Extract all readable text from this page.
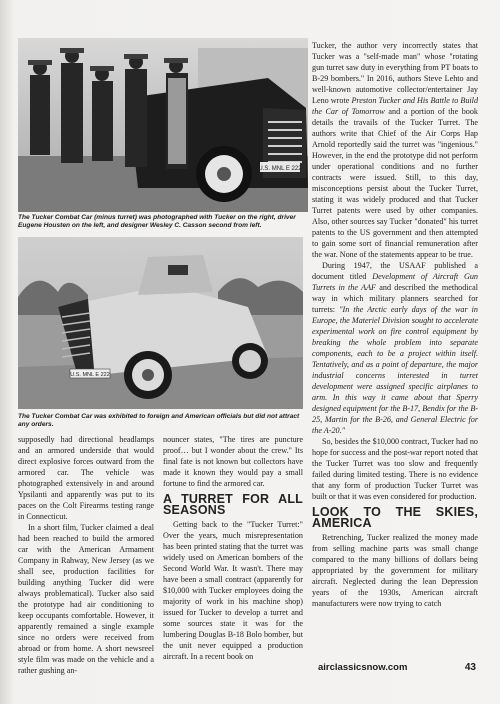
U.S. MNL E 222
The Tucker Combat Car (minus turret) was photographed with Tucker on the right, driver Eugene Housten on the left, and designer Wesley C. Casson second from left.
U.S. MNL E 222
The Tucker Combat Car was exhibited to foreign and American officials but did not attract any orders.

supposedly had directional headlamps and an armored underside that would direct explosive forces outward from the armored car. The vehicle was photographed extensively in and around Ypsilanti and apparently was put to its paces on the Colt Firearms testing range in Connecticut.

In a short film, Tucker claimed a deal had been reached to build the armored car with the American Armament Company in Rahway, New Jersey (as we shall see, production facilities for building anything Tucker did were always problematical). Tucker also said the prototype had air conditioning to keep occupants comfortable. However, it apparently remained a single example since no orders were received from abroad or from home. A short newsreel style film was made on the vehicle and a rather gushing an-

nouncer states, "The tires are puncture proof… but I wonder about the crew." Its final fate is not known but collectors have made it known they would pay a small fortune to find the armored car.

A TURRET FOR ALL SEASONS

Getting back to the "Tucker Turret:" Over the years, much misrepresentation has been printed stating that the turret was widely used on American bombers of the Second World War. It wasn't. There may have been a small contract (apparently for $10,000 with Tucker employees doing the majority of work in his machine shop) issued for Tucker to develop a turret and some sources state it was for the lumbering Douglas B-18 Bolo bomber, but the unit never equipped a production aircraft. In a recent book on

Tucker, the author very incorrectly states that Tucker was a "self-made man" whose "rotating gun turret saw duty in everything from PT boats to B-29 bombers." In 2016, authors Steve Lehto and well-known automotive collector/entertainer Jay Leno wrote Preston Tucker and His Battle to Build the Car of Tomorrow and a portion of the book details the travails of the Tucker Turret. The authors write that Chief of the Air Corps Hap Arnold reportedly said the turret was "ingenious." However, in the end the prototype did not perform under operational conditions and no further contracts were issued. Still, to this day, misconceptions persist about the Tucker Turret, stating it was widely produced and that Tucker Turret patents were used by other companies. Also, other sources say Tucker "donated" his turret patents to the US government and then attempted to gain some sort of financial remuneration after the war. None of the statements appear to be true.

During 1947, the USAAF published a document titled Development of Aircraft Gun Turrets in the AAF and described the methodical way in which military planners searched for turrets: "In the Arctic early days of the war in Europe, the Materiel Division sought to accelerate experimental work on fire control equipment by breaking the whole problem into separate components, each to be a project within itself. Tentatively, and as a point of departure, the major industrial concerns interested in turret development were assigned specific airplanes to arm. In this way it came about that Sperry designed equipment for the B-17, Bendix for the B-25, Martin for the B-26, and General Electric for the A-20."

So, besides the $10,000 contract, Tucker had no hope for success and the post-war report noted that the Tucker Turret was too slow and frequently failed during limited testing. There is no evidence that any form of production Tucker Turret was built or that it was even considered for production.

LOOK TO THE SKIES, AMERICA

Retrenching, Tucker realized the money made from selling machine parts was small change compared to the many billions of dollars being appropriated by the government for military aircraft. Neglected during the lean Depression years of the 1930s, American aircraft manufacturers were now trying to catch

airclassicsnow.com	43
